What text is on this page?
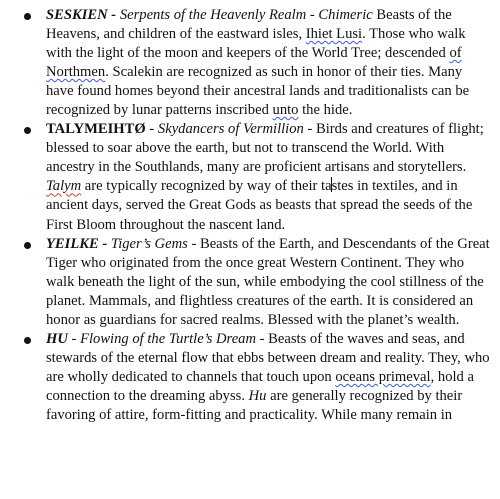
SESKIEN - Serpents of the Heavenly Realm - Chimeric Beasts of the Heavens, and children of the eastward isles, Ihiet Lusi. Those who walk with the light of the moon and keepers of the World Tree; descended of Northmen. Scalekin are recognized as such in honor of their ties. Many have found homes beyond their ancestral lands and traditionalists can be recognized by lunar patterns inscribed unto the hide.
TALYMEIHTØ - Skydancers of Vermillion - Birds and creatures of flight; blessed to soar above the earth, but not to transcend the World. With ancestry in the Southlands, many are proficient artisans and storytellers. Talym are typically recognized by way of their tastes in textiles, and in ancient days, served the Great Gods as beasts that spread the seeds of the First Bloom throughout the nascent land.
YEILKE - Tiger’s Gems - Beasts of the Earth, and Descendants of the Great Tiger who originated from the once great Western Continent. They who walk beneath the light of the sun, while embodying the cool stillness of the planet. Mammals, and flightless creatures of the earth. It is considered an honor as guardians for sacred realms. Blessed with the planet’s wealth.
HU - Flowing of the Turtle’s Dream - Beasts of the waves and seas, and stewards of the eternal flow that ebbs between dream and reality. They, who are wholly dedicated to channels that touch upon oceans primeval, hold a connection to the dreaming abyss. Hu are generally recognized by their favoring of attire, form-fitting and practicality. While many remain in
